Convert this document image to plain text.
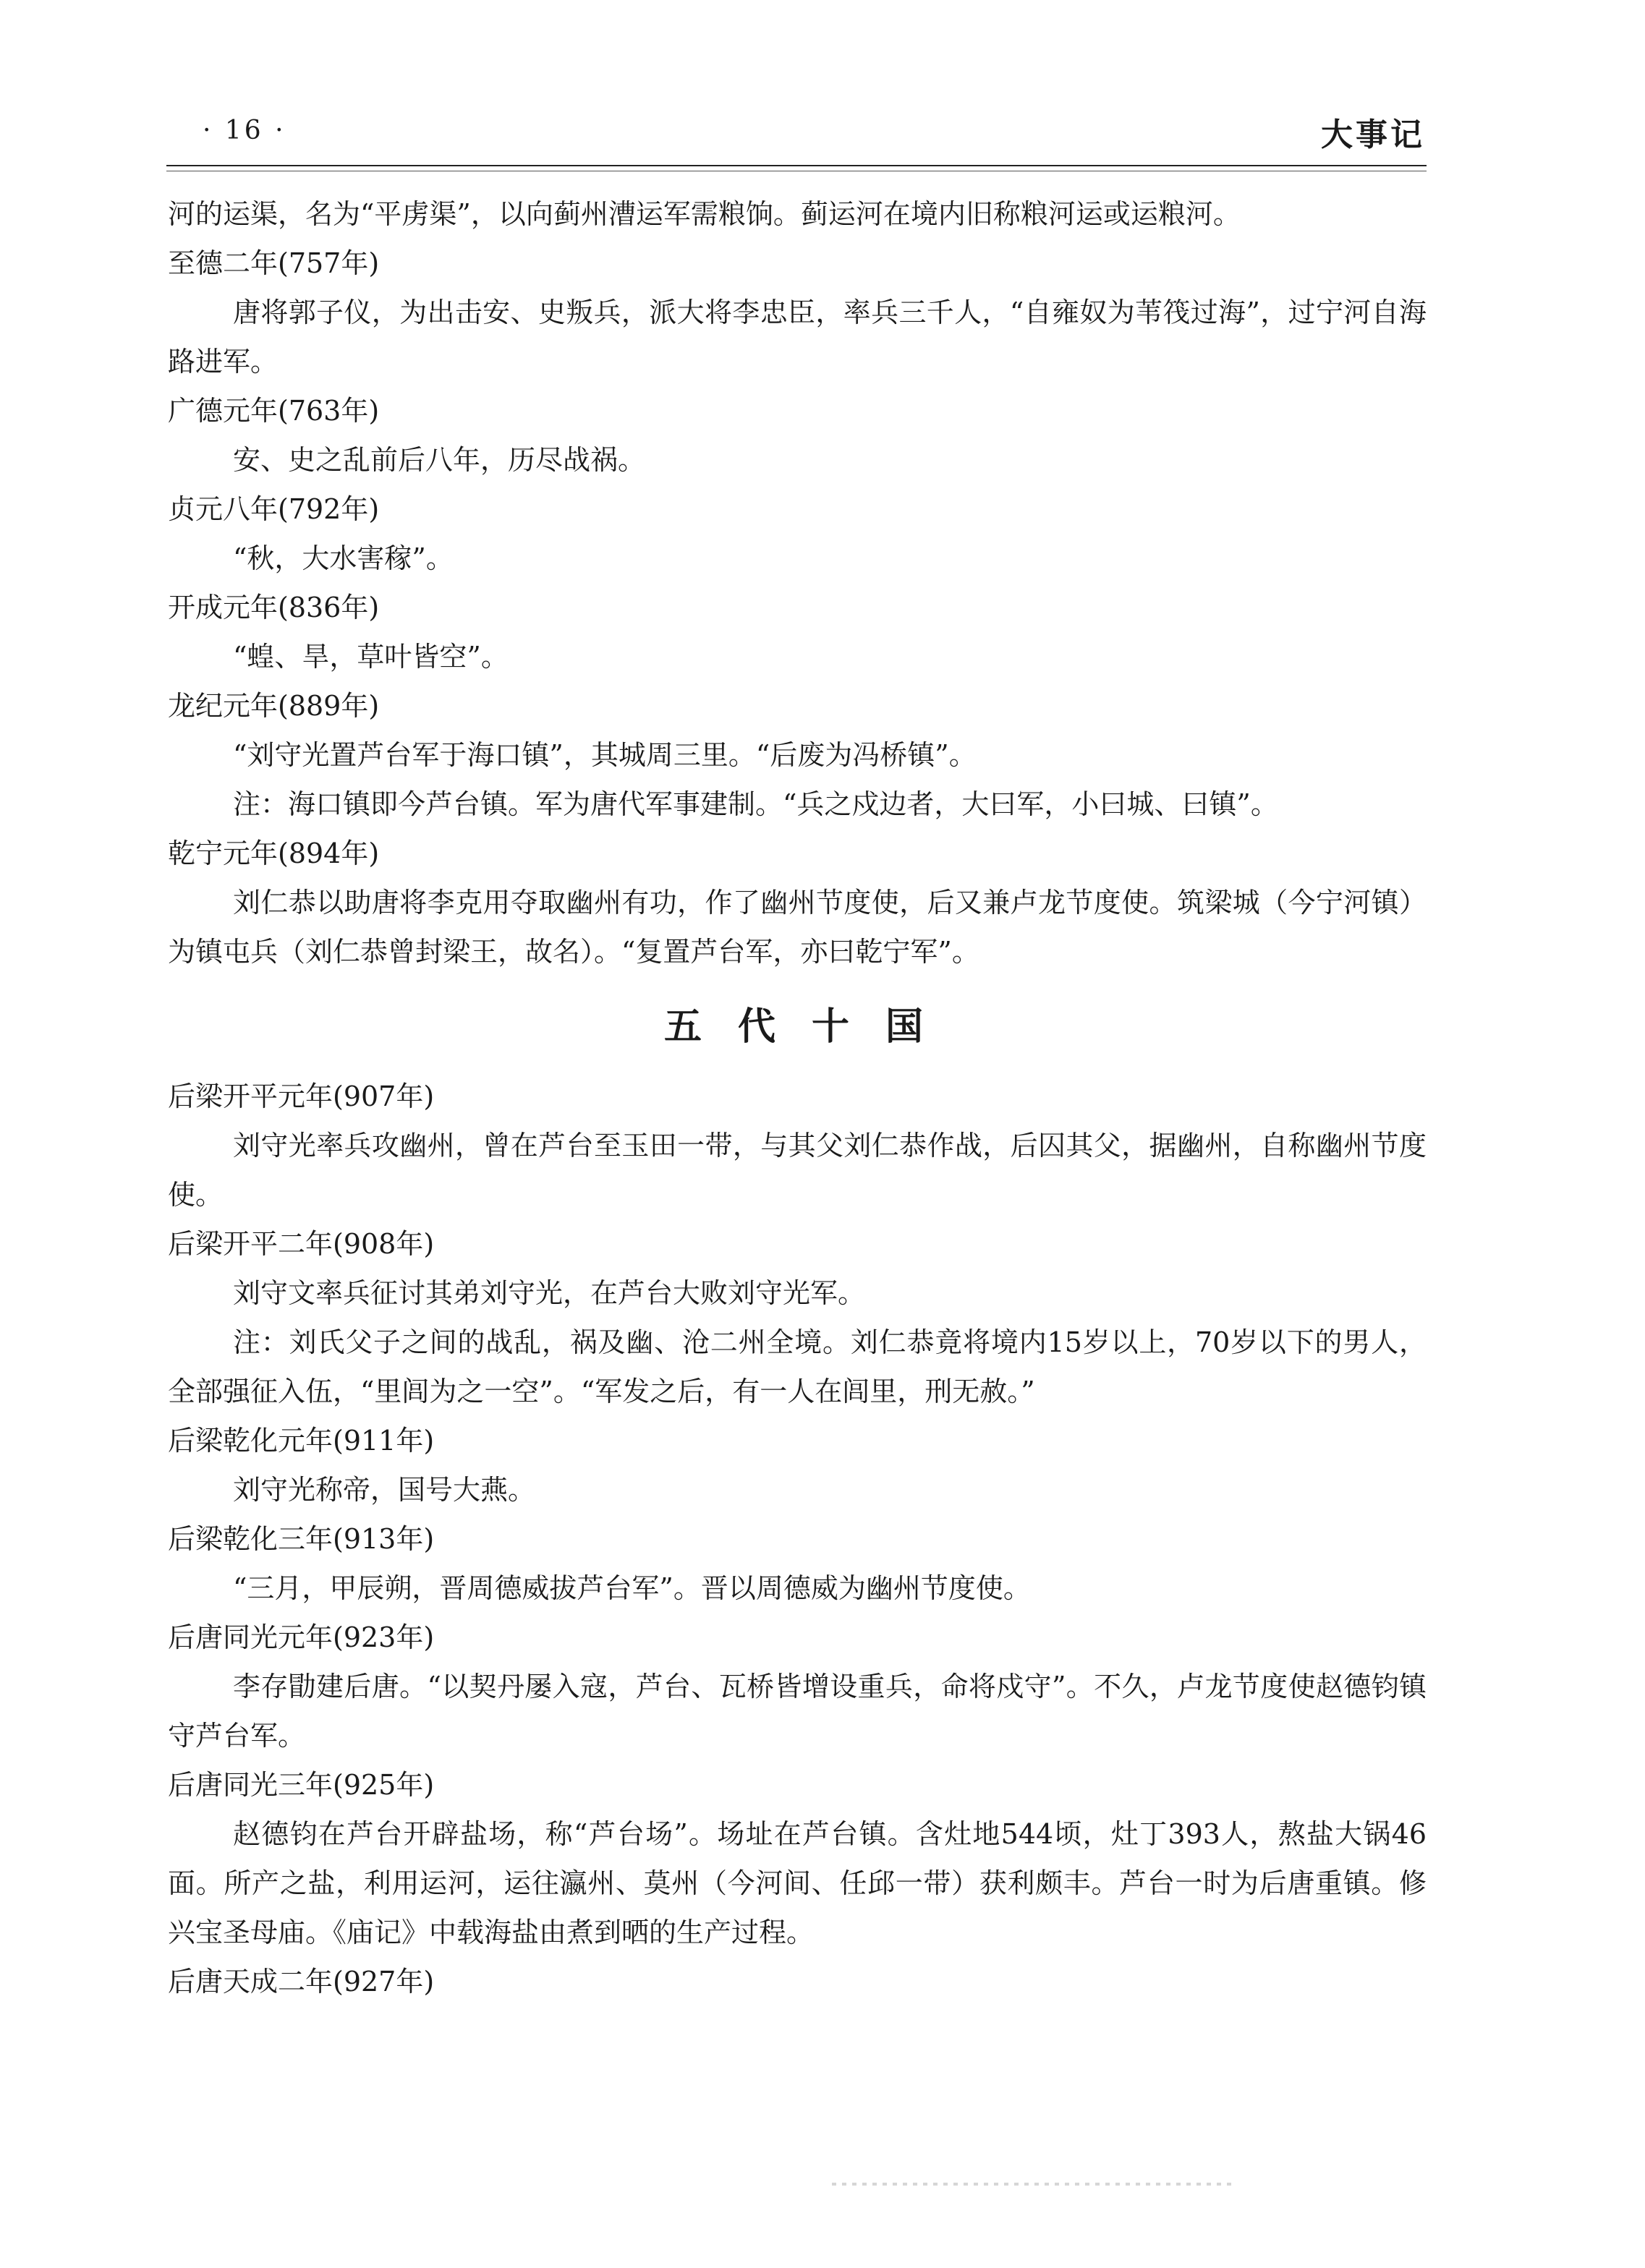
· 16 ·	大事记

河的运渠，名为“平虏渠”，以向蓟州漕运军需粮饷。蓟运河在境内旧称粮河运或运粮河。

至德二年(757年)

唐将郭子仪，为出击安、史叛兵，派大将李忠臣，率兵三千人，“自雍奴为苇筏过海”，过宁河自海路进军。

广德元年(763年)

安、史之乱前后八年，历尽战祸。

贞元八年(792年)

“秋，大水害稼”。

开成元年(836年)

“蝗、旱，草叶皆空”。

龙纪元年(889年)

“刘守光置芦台军于海口镇”，其城周三里。“后废为冯桥镇”。

注：海口镇即今芦台镇。军为唐代军事建制。“兵之戍边者，大曰军，小曰城、曰镇”。

乾宁元年(894年)

刘仁恭以助唐将李克用夺取幽州有功，作了幽州节度使，后又兼卢龙节度使。筑梁城（今宁河镇）为镇屯兵（刘仁恭曾封梁王，故名）。“复置芦台军，亦曰乾宁军”。

五代十国

后梁开平元年(907年)

刘守光率兵攻幽州，曾在芦台至玉田一带，与其父刘仁恭作战，后囚其父，据幽州，自称幽州节度使。

后梁开平二年(908年)

刘守文率兵征讨其弟刘守光，在芦台大败刘守光军。

注：刘氏父子之间的战乱，祸及幽、沧二州全境。刘仁恭竟将境内15岁以上，70岁以下的男人，全部强征入伍，“里闾为之一空”。“军发之后，有一人在闾里，刑无赦。”

后梁乾化元年(911年)

刘守光称帝，国号大燕。

后梁乾化三年(913年)

“三月，甲辰朔，晋周德威拔芦台军”。晋以周德威为幽州节度使。

后唐同光元年(923年)

李存勖建后唐。“以契丹屡入寇，芦台、瓦桥皆增设重兵，命将戍守”。不久，卢龙节度使赵德钧镇守芦台军。

后唐同光三年(925年)

赵德钧在芦台开辟盐场，称“芦台场”。场址在芦台镇。含灶地544顷，灶丁393人，熬盐大锅46面。所产之盐，利用运河，运往瀛州、莫州（今河间、任邱一带）获利颇丰。芦台一时为后唐重镇。修兴宝圣母庙。《庙记》中载海盐由煮到晒的生产过程。

后唐天成二年(927年)
